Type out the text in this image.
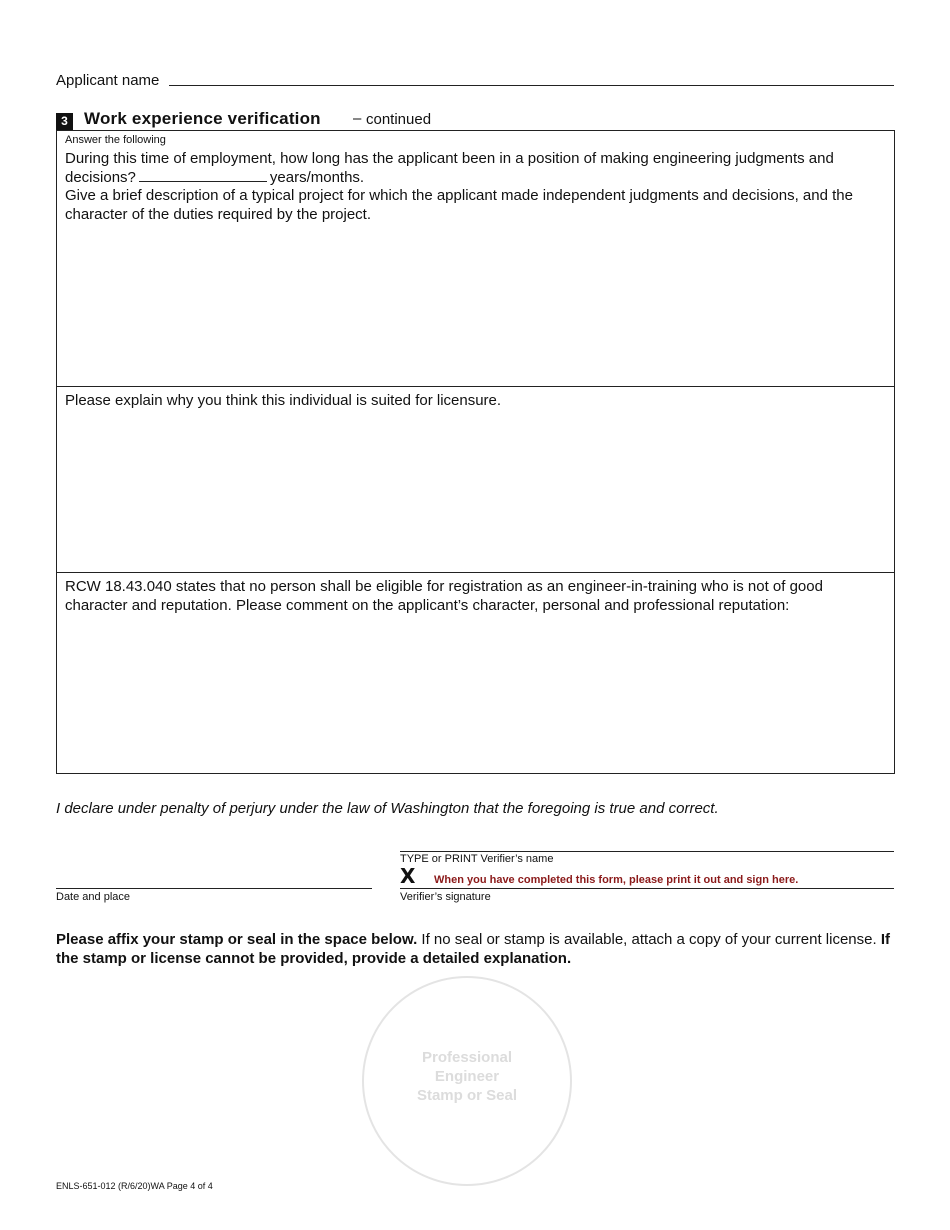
Applicant name
3 Work experience verification – continued
Answer the following
During this time of employment, how long has the applicant been in a position of making engineering judgments and decisions?	years/months.
Give a brief description of a typical project for which the applicant made independent judgments and decisions, and the character of the duties required by the project.
Please explain why you think this individual is suited for licensure.
RCW 18.43.040 states that no person shall be eligible for registration as an engineer-in-training who is not of good character and reputation. Please comment on the applicant’s character, personal and professional reputation:
I declare under penalty of perjury under the law of Washington that the foregoing is true and correct.
TYPE or PRINT Verifier’s name
X When you have completed this form, please print it out and sign here.
Date and place	Verifier’s signature
Please affix your stamp or seal in the space below. If no seal or stamp is available, attach a copy of your current license. If the stamp or license cannot be provided, provide a detailed explanation.
Professional
Engineer
Stamp or Seal
ENLS-651-012 (R/6/20)WA Page 4 of 4
